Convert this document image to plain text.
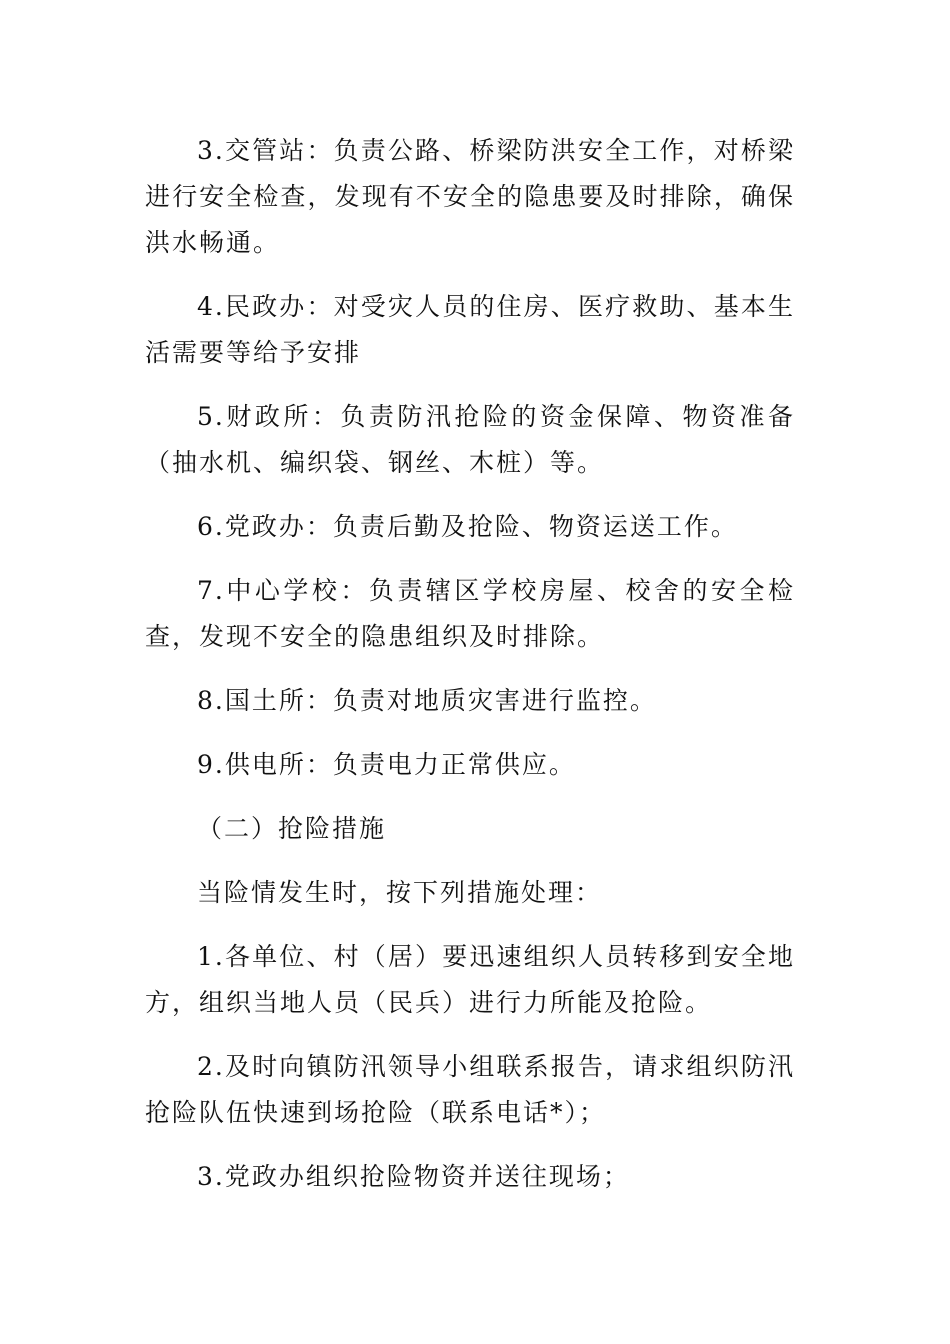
3.交管站：负责公路、桥梁防洪安全工作，对桥梁进行安全检查，发现有不安全的隐患要及时排除，确保洪水畅通。

4.民政办：对受灾人员的住房、医疗救助、基本生活需要等给予安排

5.财政所：负责防汛抢险的资金保障、物资准备（抽水机、编织袋、钢丝、木桩）等。

6.党政办：负责后勤及抢险、物资运送工作。

7.中心学校：负责辖区学校房屋、校舍的安全检查，发现不安全的隐患组织及时排除。

8.国土所：负责对地质灾害进行监控。

9.供电所：负责电力正常供应。

（二）抢险措施

当险情发生时，按下列措施处理：

1.各单位、村（居）要迅速组织人员转移到安全地方，组织当地人员（民兵）进行力所能及抢险。

2.及时向镇防汛领导小组联系报告，请求组织防汛抢险队伍快速到场抢险（联系电话*）；

3.党政办组织抢险物资并送往现场；
